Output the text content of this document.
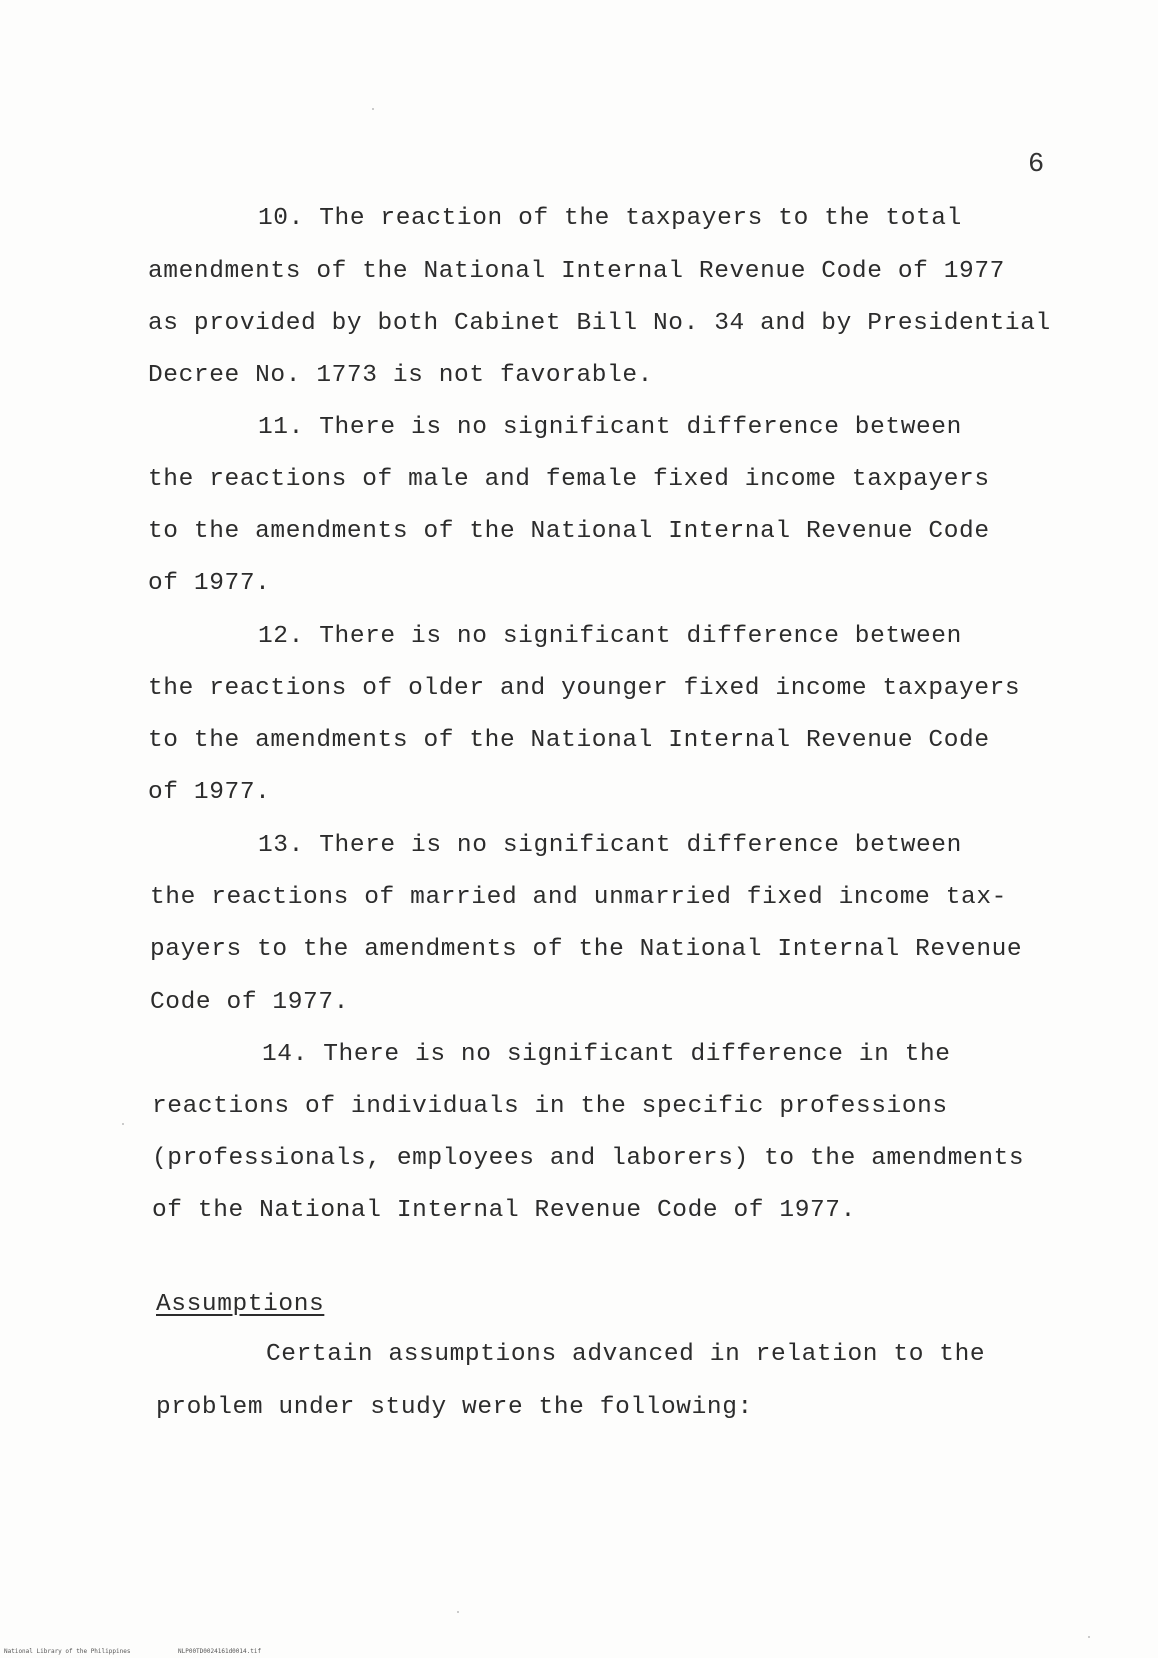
6
10. The reaction of the taxpayers to the total
amendments of the National Internal Revenue Code of 1977
as provided by both Cabinet Bill No. 34 and by Presidential
Decree No. 1773 is not favorable.
11. There is no significant difference between
the reactions of male and female fixed income taxpayers
to the amendments of the National Internal Revenue Code
of 1977.
12. There is no significant difference between
the reactions of older and younger fixed income taxpayers
to the amendments of the National Internal Revenue Code
of 1977.
13. There is no significant difference between
the reactions of married and unmarried fixed income tax-
payers to the amendments of the National Internal Revenue
Code of 1977.
14. There is no significant difference in the
reactions of individuals in the specific professions
(professionals, employees and laborers) to the amendments
of the National Internal Revenue Code of 1977.
Assumptions
Certain assumptions advanced in relation to the
problem under study were the following:
National Library of the Philippines	NLP00TD0024161d0014.tif
